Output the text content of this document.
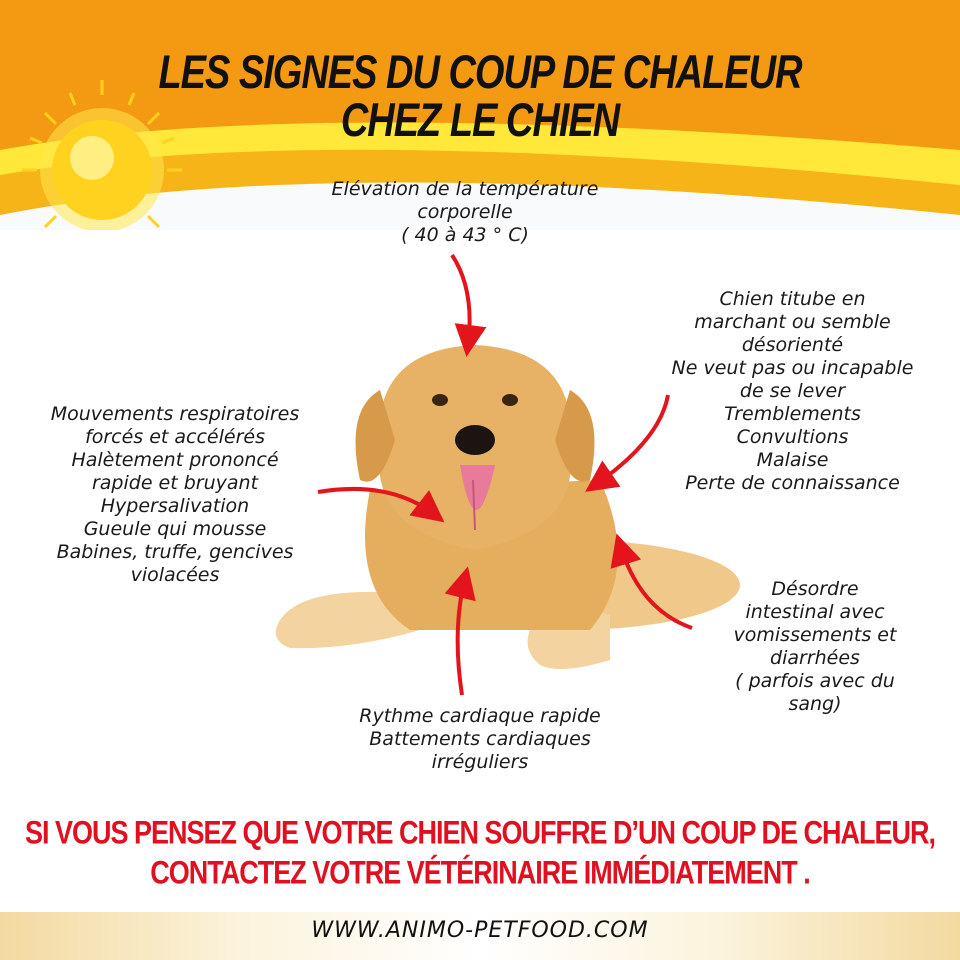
LES SIGNES DU COUP DE CHALEUR
CHEZ LE CHIEN
Elévation de la température
corporelle
( 40 à 43 ° C)
Chien titube en
marchant ou semble
désorienté
Ne veut pas ou incapable
de se lever
Tremblements
Convultions
Malaise
Perte de connaissance
Mouvements respiratoires
forcés et accélérés
Halètement prononcé
rapide et bruyant
Hypersalivation
Gueule qui mousse
Babines, truffe, gencives
violacées
Désordre
intestinal avec
vomissements et
diarrhées
( parfois avec du
sang)
Rythme cardiaque rapide
Battements cardiaques
irréguliers
SI VOUS PENSEZ QUE VOTRE CHIEN SOUFFRE D’UN COUP DE CHALEUR,
CONTACTEZ VOTRE VÉTÉRINAIRE IMMÉDIATEMENT .
WWW.ANIMO-PETFOOD.COM
